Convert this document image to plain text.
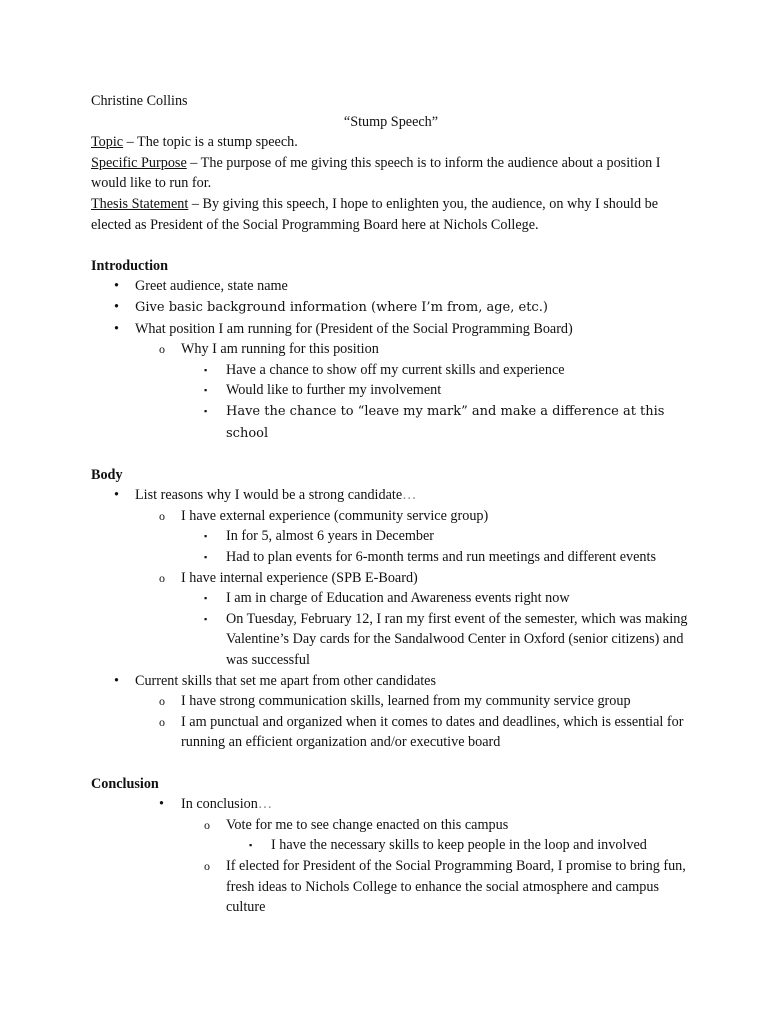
Christine Collins

“Stump Speech”

Topic – The topic is a stump speech.

Specific Purpose – The purpose of me giving this speech is to inform the audience about a position I would like to run for.

Thesis Statement – By giving this speech, I hope to enlighten you, the audience, on why I should be elected as President of the Social Programming Board here at Nichols College.

Introduction

• Greet audience, state name
• Give basic background information (where I’m from, age, etc.)
• What position I am running for (President of the Social Programming Board)
o Why I am running for this position
▪ Have a chance to show off my current skills and experience
▪ Would like to further my involvement
▪ Have the chance to “leave my mark” and make a difference at this school

Body

• List reasons why I would be a strong candidate…
o I have external experience (community service group)
▪ In for 5, almost 6 years in December
▪ Had to plan events for 6-month terms and run meetings and different events
o I have internal experience (SPB E-Board)
▪ I am in charge of Education and Awareness events right now
▪ On Tuesday, February 12, I ran my first event of the semester, which was making Valentine’s Day cards for the Sandalwood Center in Oxford (senior citizens) and was successful
• Current skills that set me apart from other candidates
o I have strong communication skills, learned from my community service group
o I am punctual and organized when it comes to dates and deadlines, which is essential for running an efficient organization and/or executive board

Conclusion

• In conclusion…
o Vote for me to see change enacted on this campus
▪ I have the necessary skills to keep people in the loop and involved
o If elected for President of the Social Programming Board, I promise to bring fun, fresh ideas to Nichols College to enhance the social atmosphere and campus culture
